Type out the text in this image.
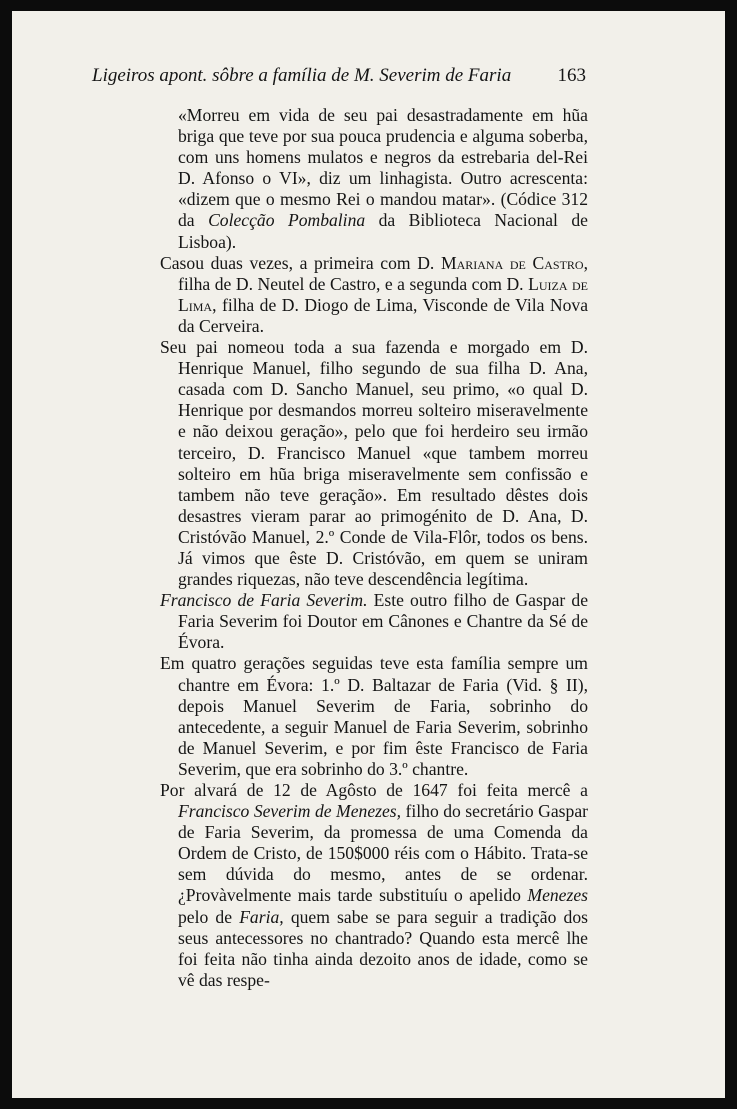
Ligeiros apont. sôbre a família de M. Severim de Faria 163

«Morreu em vida de seu pai desastradamente em hũa briga que teve por sua pouca prudencia e alguma soberba, com uns homens mulatos e negros da estrebaria del-Rei D. Afonso o VI», diz um linhagista. Outro acrescenta: «dizem que o mesmo Rei o mandou matar». (Códice 312 da Colecção Pombalina da Biblioteca Nacional de Lisboa).

Casou duas vezes, a primeira com D. Mariana de Castro, filha de D. Neutel de Castro, e a segunda com D. Luiza de Lima, filha de D. Diogo de Lima, Visconde de Vila Nova da Cerveira.

Seu pai nomeou toda a sua fazenda e morgado em D. Henrique Manuel, filho segundo de sua filha D. Ana, casada com D. Sancho Manuel, seu primo, «o qual D. Henrique por desmandos morreu solteiro miseravelmente e não deixou geração», pelo que foi herdeiro seu irmão terceiro, D. Francisco Manuel «que tambem morreu solteiro em hũa briga miseravelmente sem confissão e tambem não teve geração». Em resultado dêstes dois desastres vieram parar ao primogénito de D. Ana, D. Cristóvão Manuel, 2.º Conde de Vila-Flôr, todos os bens. Já vimos que êste D. Cristóvão, em quem se uniram grandes riquezas, não teve descendência legítima.

Francisco de Faria Severim. Este outro filho de Gaspar de Faria Severim foi Doutor em Cânones e Chantre da Sé de Évora.

Em quatro gerações seguidas teve esta família sempre um chantre em Évora: 1.º D. Baltazar de Faria (Vid. § II), depois Manuel Severim de Faria, sobrinho do antecedente, a seguir Manuel de Faria Severim, sobrinho de Manuel Severim, e por fim êste Francisco de Faria Severim, que era sobrinho do 3.º chantre.

Por alvará de 12 de Agôsto de 1647 foi feita mercê a Francisco Severim de Menezes, filho do secretário Gaspar de Faria Severim, da promessa de uma Comenda da Ordem de Cristo, de 150$000 réis com o Hábito. Trata-se sem dúvida do mesmo, antes de se ordenar. ¿Provàvelmente mais tarde substituíu o apelido Menezes pelo de Faria, quem sabe se para seguir a tradição dos seus antecessores no chantrado? Quando esta mercê lhe foi feita não tinha ainda dezoito anos de idade, como se vê das respe-
